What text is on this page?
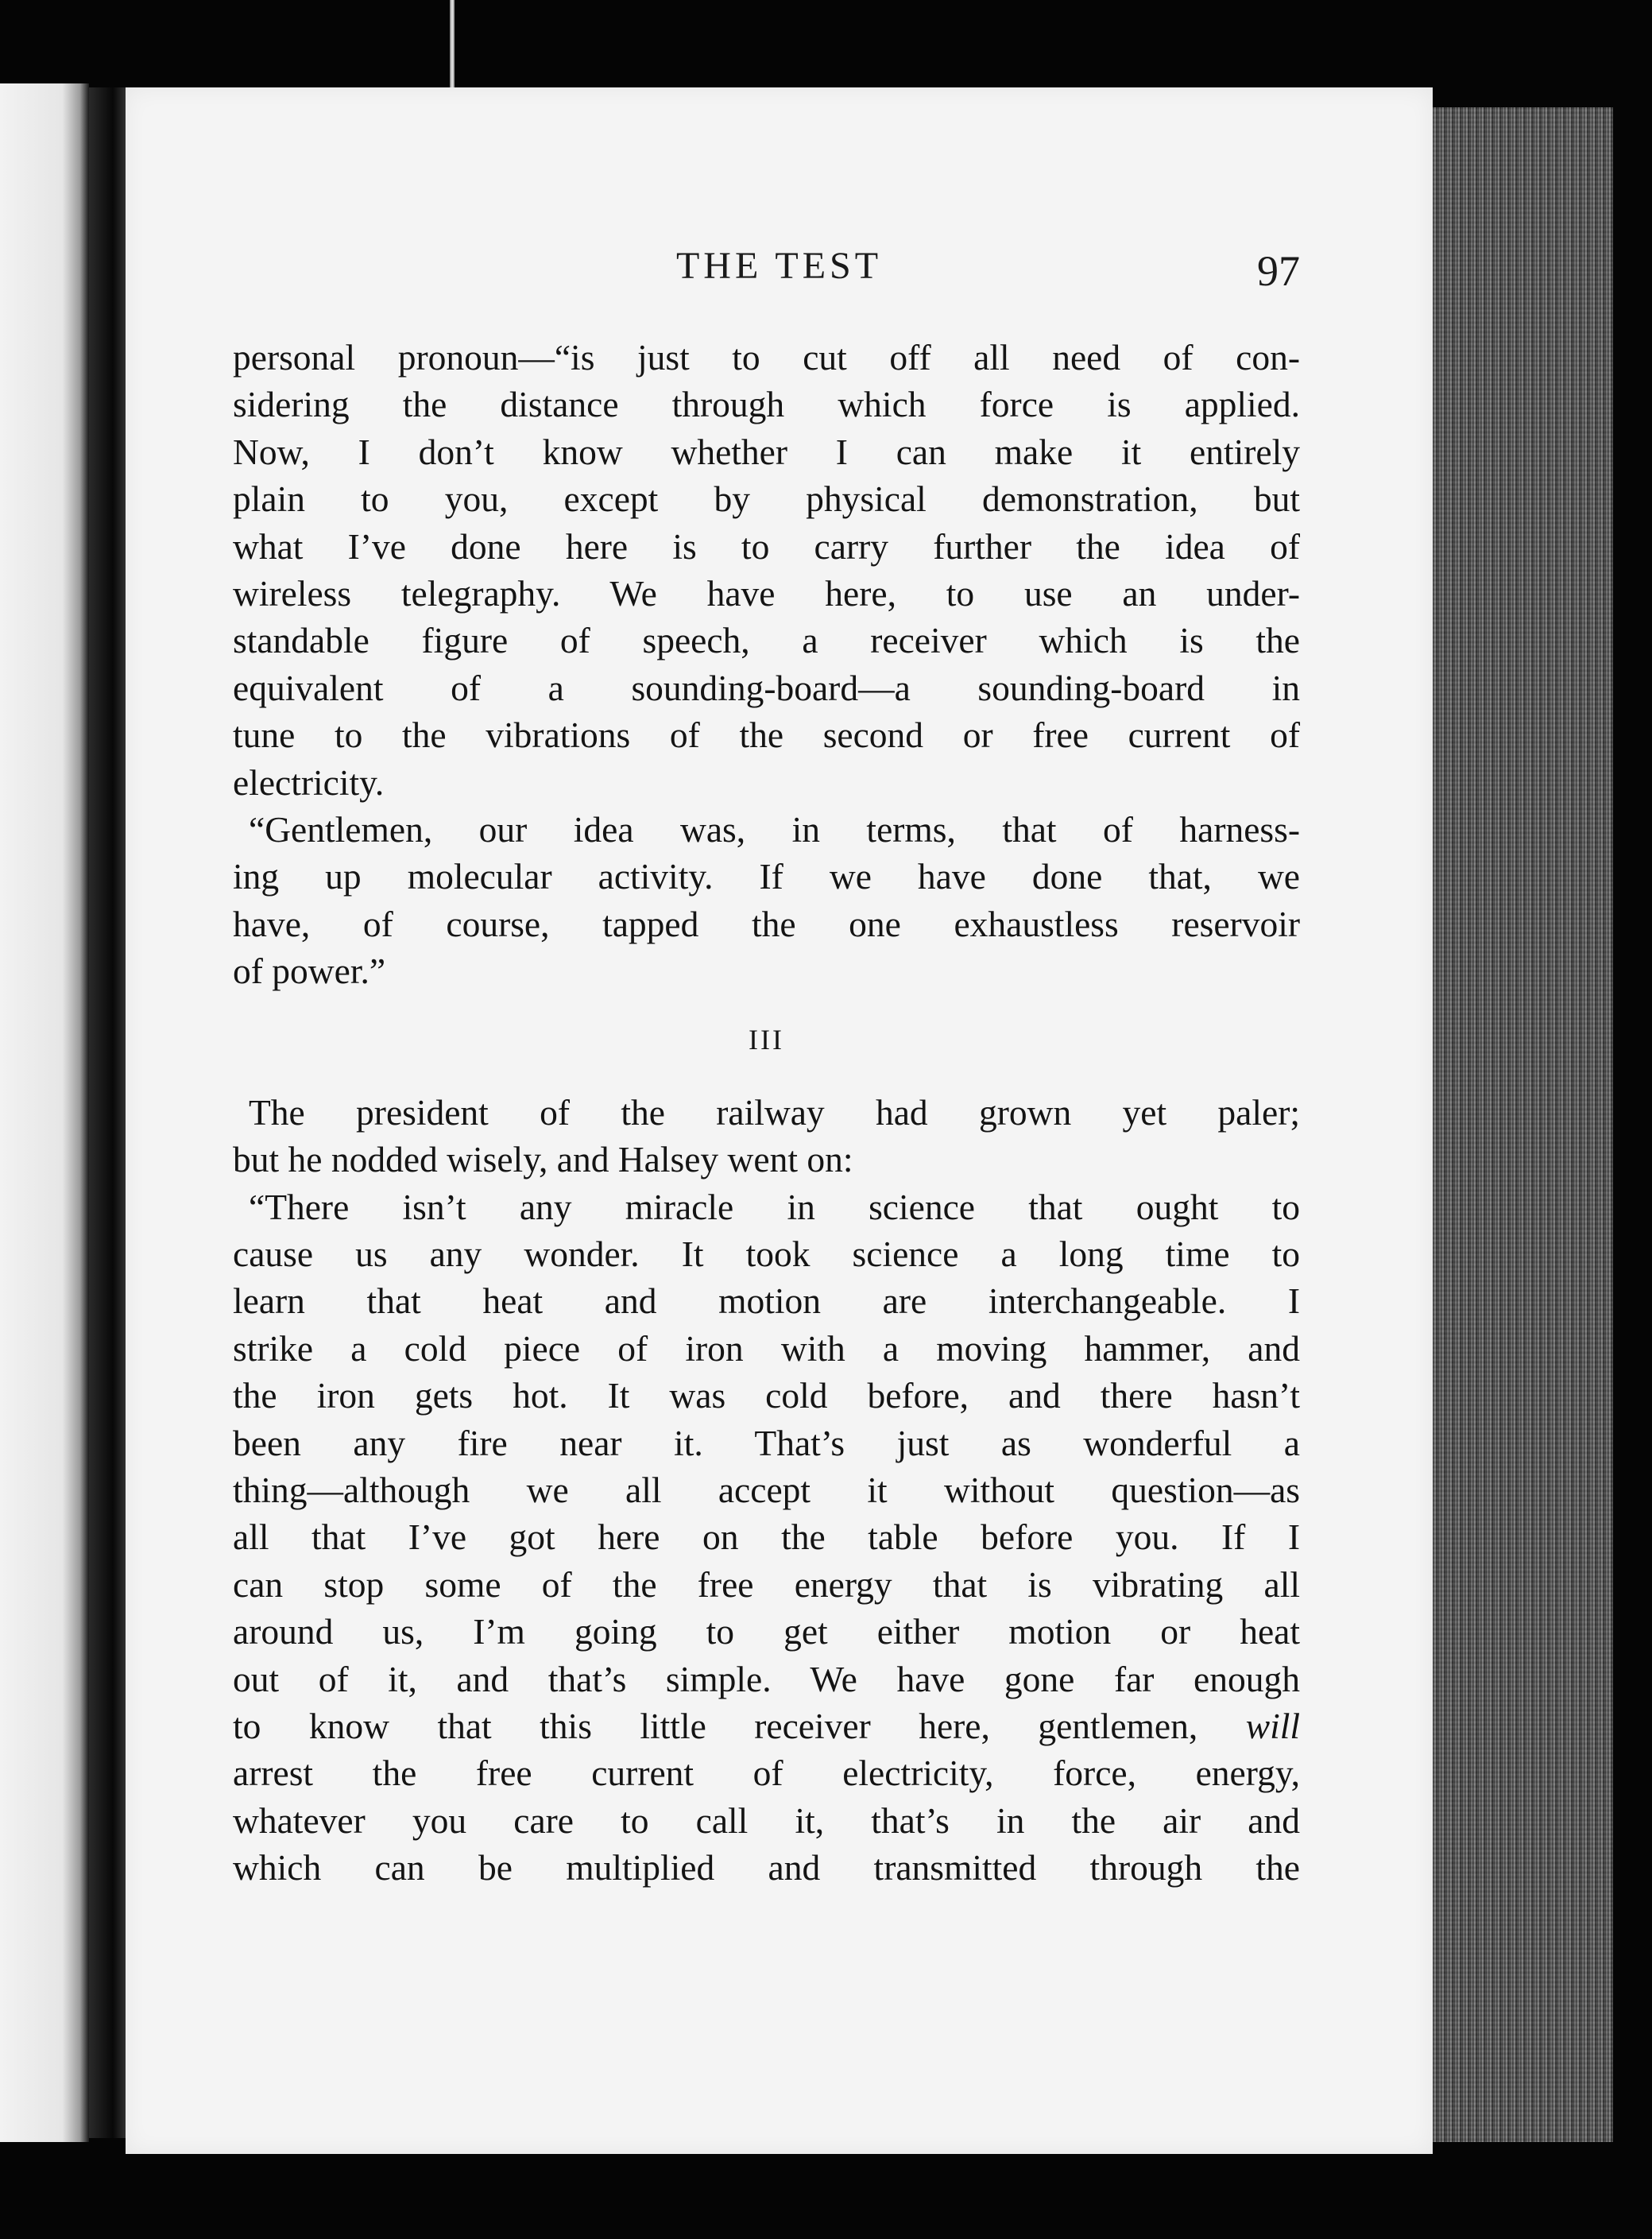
THE TEST	97

personal pronoun—“is just to cut off all need of con-

sidering the distance through which force is applied.

Now, I don’t know whether I can make it entirely

plain to you, except by physical demonstration, but

what I’ve done here is to carry further the idea of

wireless telegraphy. We have here, to use an under-

standable figure of speech, a receiver which is the

equivalent of a sounding-board—a sounding-board in

tune to the vibrations of the second or free current of

electricity.

“Gentlemen, our idea was, in terms, that of harness-

ing up molecular activity. If we have done that, we

have, of course, tapped the one exhaustless reservoir

of power.”

III

The president of the railway had grown yet paler;

but he nodded wisely, and Halsey went on:

“There isn’t any miracle in science that ought to

cause us any wonder. It took science a long time to

learn that heat and motion are interchangeable. I

strike a cold piece of iron with a moving hammer, and

the iron gets hot. It was cold before, and there hasn’t

been any fire near it. That’s just as wonderful a

thing—although we all accept it without question—as

all that I’ve got here on the table before you. If I

can stop some of the free energy that is vibrating all

around us, I’m going to get either motion or heat

out of it, and that’s simple. We have gone far enough

to know that this little receiver here, gentlemen, will

arrest the free current of electricity, force, energy,

whatever you care to call it, that’s in the air and

which can be multiplied and transmitted through the
